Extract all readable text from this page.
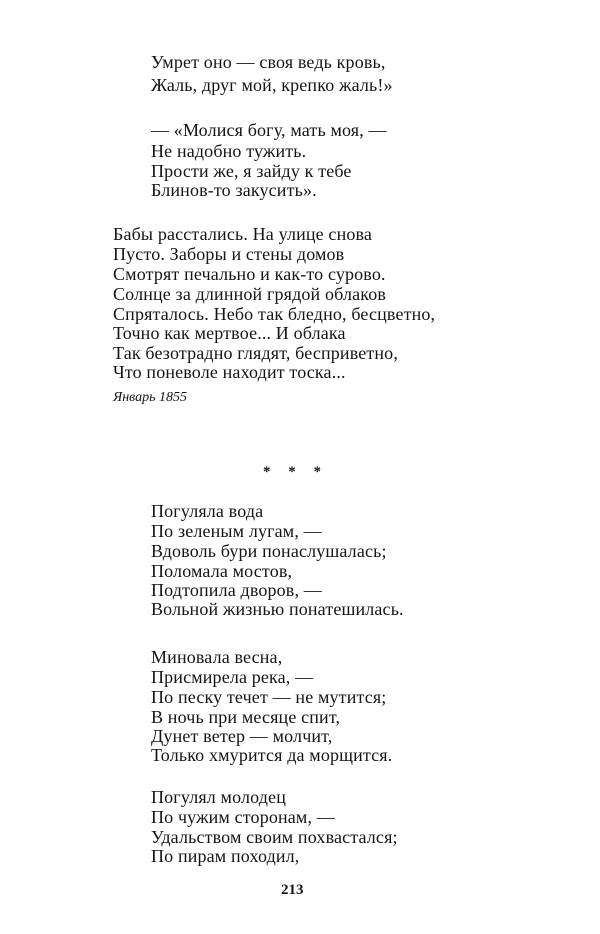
Умрет оно — своя ведь кровь,
Жаль, друг мой, крепко жаль!»
— «Молися богу, мать моя, —
Не надобно тужить.
Прости же, я зайду к тебе
Блинов-то закусить».
Бабы расстались. На улице снова
Пусто. Заборы и стены домов
Смотрят печально и как-то сурово.
Солнце за длинной грядой облаков
Спряталось. Небо так бледно, бесцветно,
Точно как мертвое... И облака
Так безотрадно глядят, бесприветно,
Что поневоле находит тоска...
Январь 1855
* * *
Погуляла вода
По зеленым лугам, —
Вдоволь бури понаслушалась;
Поломала мостов,
Подтопила дворов, —
Вольной жизнью понатешилась.
Миновала весна,
Присмирела река, —
По песку течет — не мутится;
В ночь при месяце спит,
Дунет ветер — молчит,
Только хмурится да морщится.
Погулял молодец
По чужим сторонам, —
Удальством своим похвастался;
По пирам походил,
213
